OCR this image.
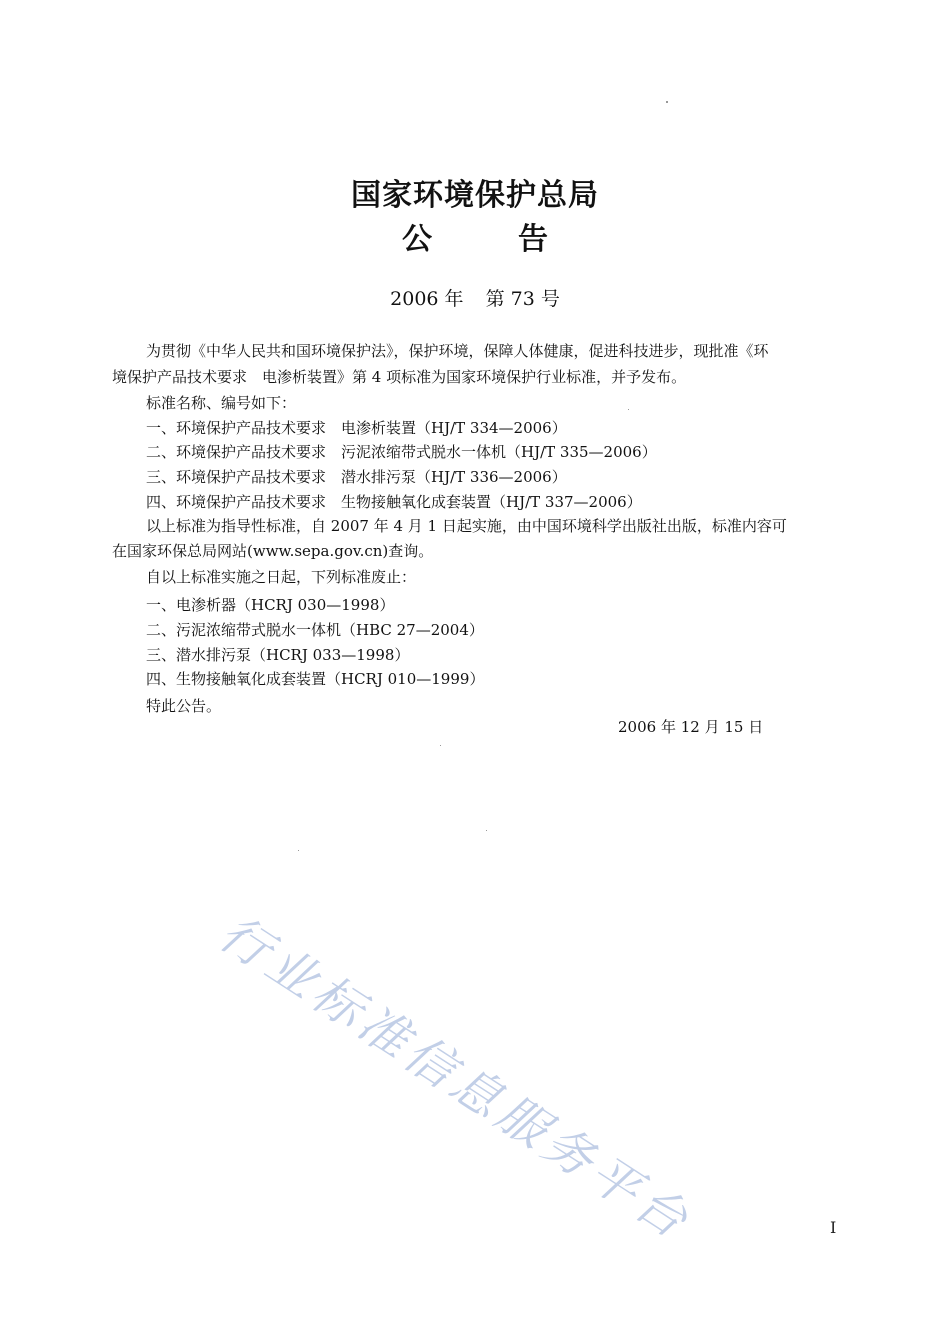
国家环境保护总局
公	告
2006 年 第 73 号
为贯彻《中华人民共和国环境保护法》，保护环境，保障人体健康，促进科技进步，现批准《环
境保护产品技术要求　电渗析装置》第 4 项标准为国家环境保护行业标准，并予发布。
标准名称、编号如下：
一、环境保护产品技术要求　电渗析装置（HJ/T 334—2006）
二、环境保护产品技术要求　污泥浓缩带式脱水一体机（HJ/T 335—2006）
三、环境保护产品技术要求　潜水排污泵（HJ/T 336—2006）
四、环境保护产品技术要求　生物接触氧化成套装置（HJ/T 337—2006）
以上标准为指导性标准，自 2007 年 4 月 1 日起实施，由中国环境科学出版社出版，标准内容可
在国家环保总局网站(www.sepa.gov.cn)查询。
自以上标准实施之日起，下列标准废止：
一、电渗析器（HCRJ 030—1998）
二、污泥浓缩带式脱水一体机（HBC 27—2004）
三、潜水排污泵（HCRJ 033—1998）
四、生物接触氧化成套装置（HCRJ 010—1999）
特此公告。
2006 年 12 月 15 日
行业标准信息服务平台	Ⅰ
